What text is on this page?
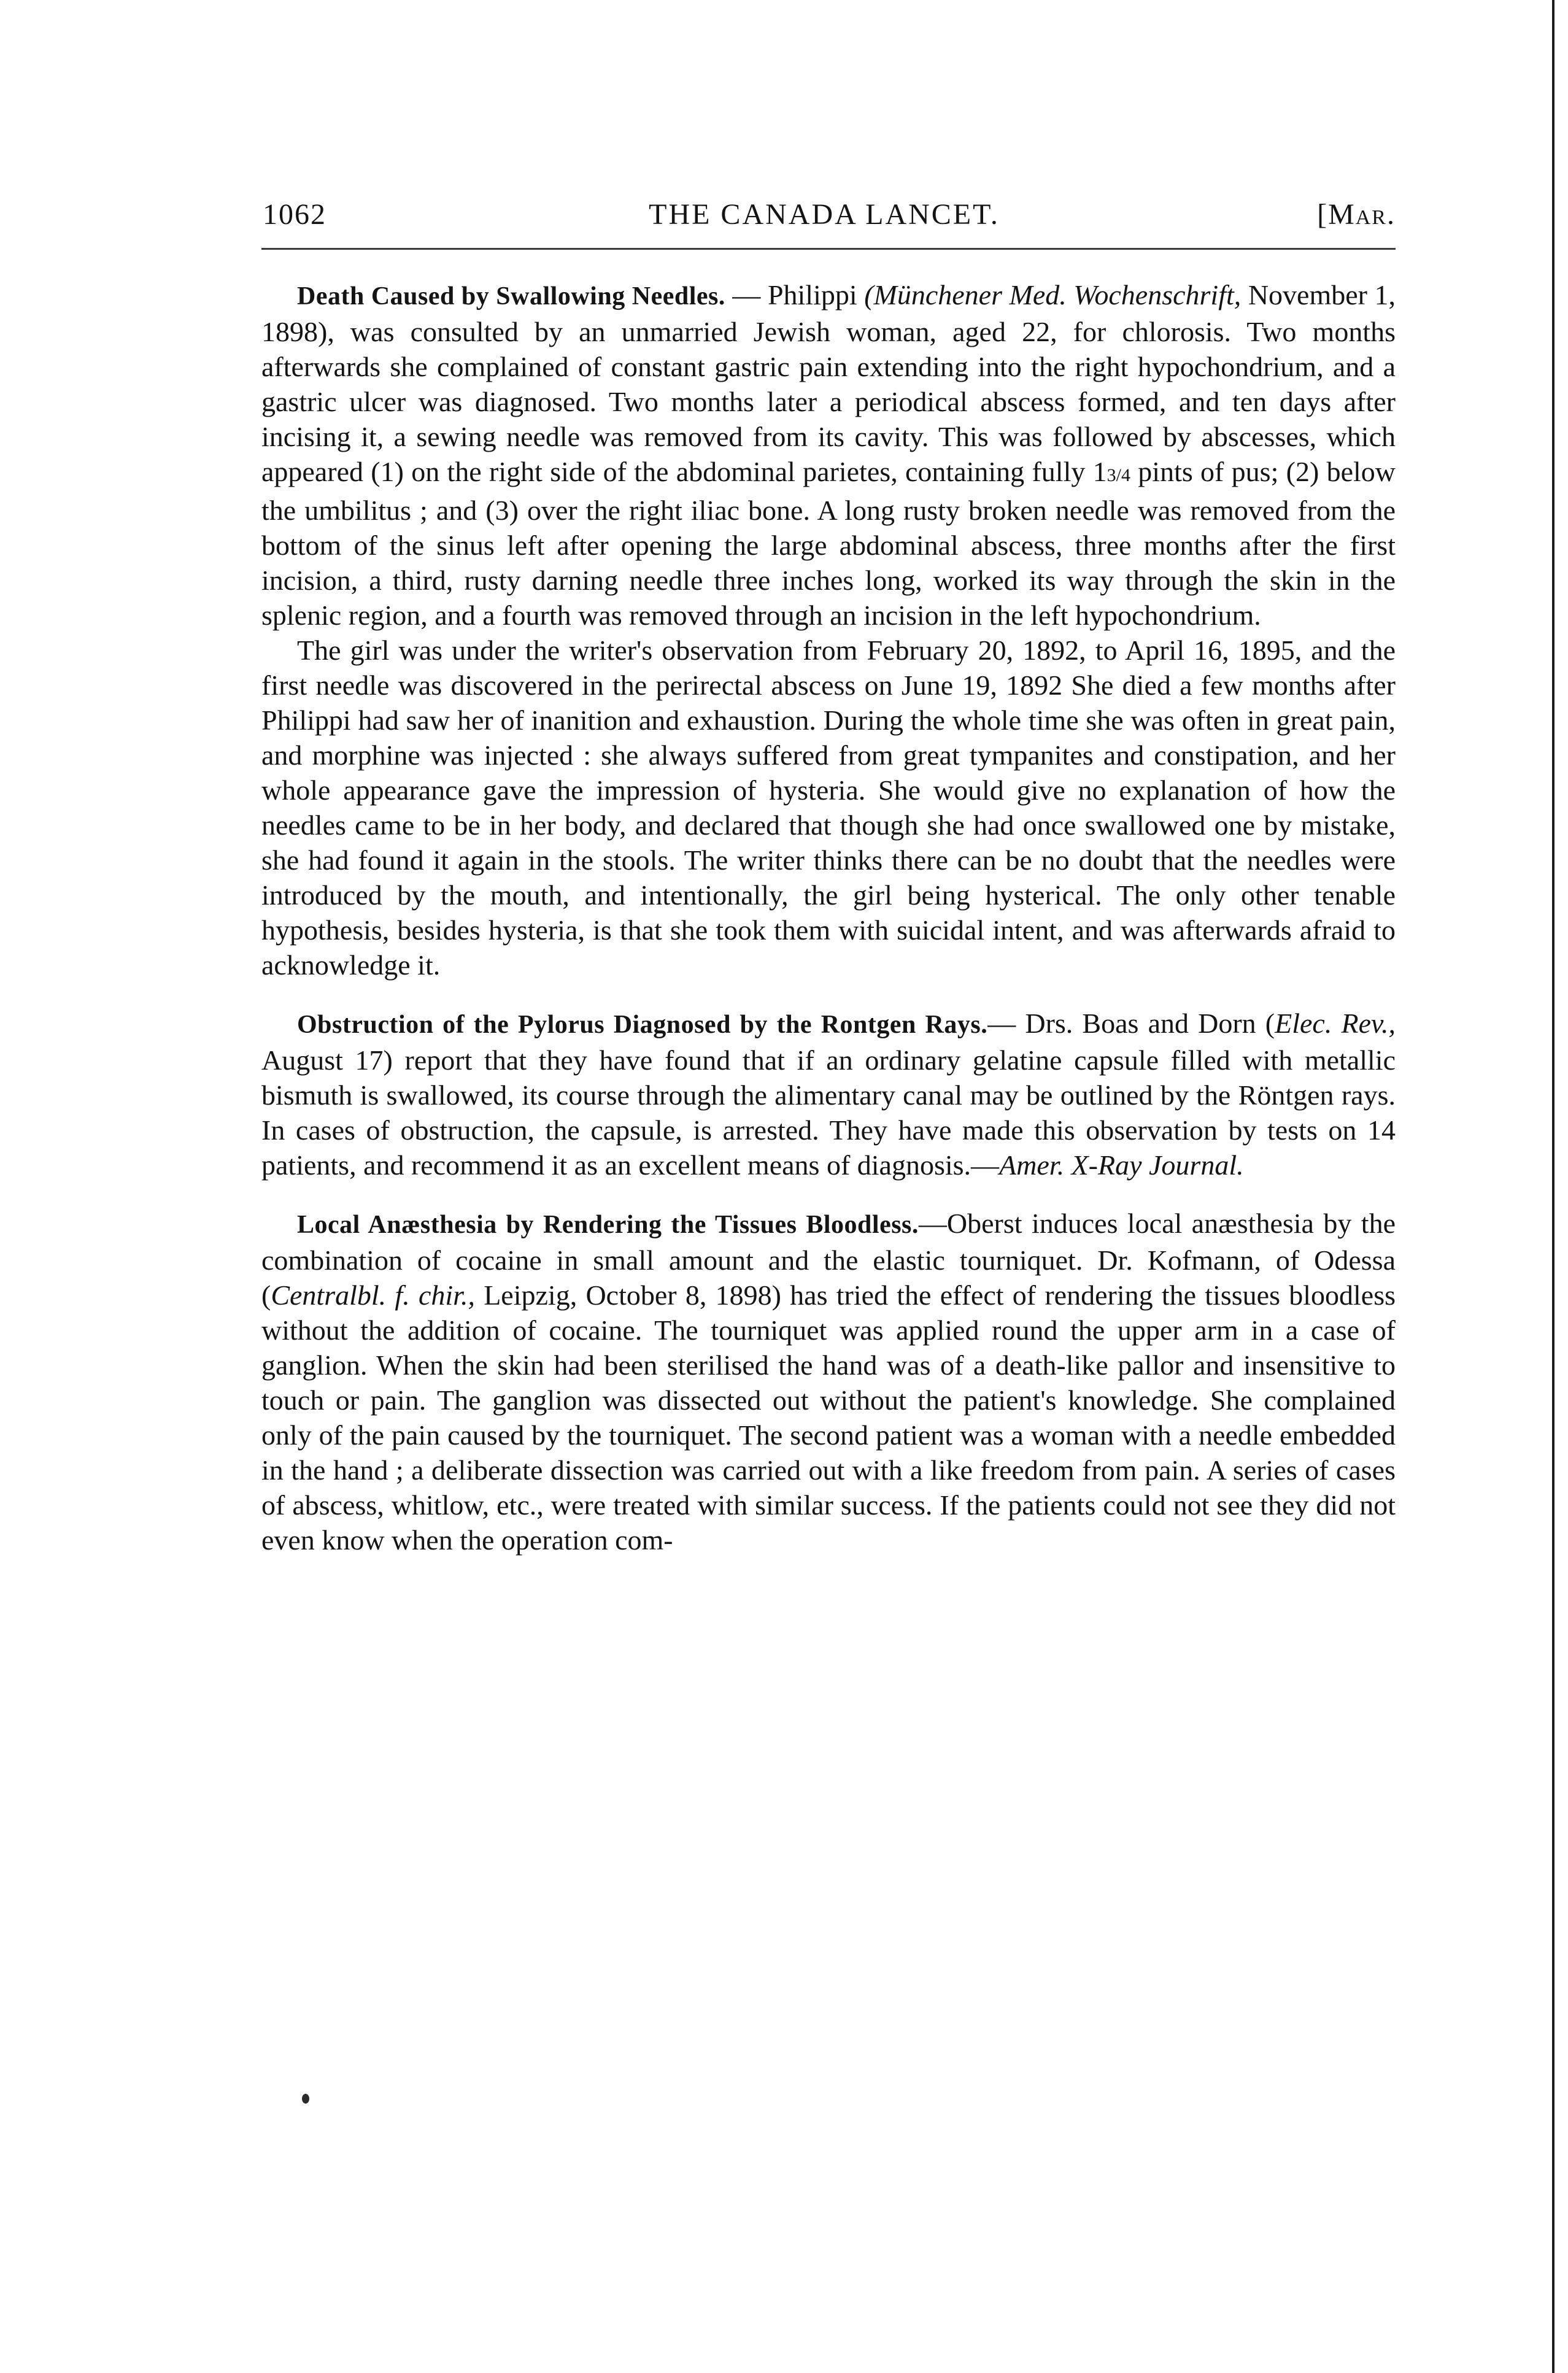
1062	THE CANADA LANCET.	[Mar.

Death Caused by Swallowing Needles. — Philippi (Münchener Med. Wochenschrift, November 1, 1898), was consulted by an unmarried Jewish woman, aged 22, for chlorosis. Two months afterwards she complained of constant gastric pain extending into the right hypochondrium, and a gastric ulcer was diagnosed. Two months later a periodical abscess formed, and ten days after incising it, a sewing needle was removed from its cavity. This was followed by abscesses, which appeared (1) on the right side of the abdominal parietes, containing fully 13/4 pints of pus; (2) below the umbilitus ; and (3) over the right iliac bone. A long rusty broken needle was removed from the bottom of the sinus left after opening the large abdominal abscess, three months after the first incision, a third, rusty darning needle three inches long, worked its way through the skin in the splenic region, and a fourth was removed through an incision in the left hypochondrium.

The girl was under the writer's observation from February 20, 1892, to April 16, 1895, and the first needle was discovered in the perirectal abscess on June 19, 1892 She died a few months after Philippi had saw her of inanition and exhaustion. During the whole time she was often in great pain, and morphine was injected : she always suffered from great tympanites and constipation, and her whole appearance gave the impression of hysteria. She would give no explanation of how the needles came to be in her body, and declared that though she had once swallowed one by mistake, she had found it again in the stools. The writer thinks there can be no doubt that the needles were introduced by the mouth, and intentionally, the girl being hysterical. The only other tenable hypothesis, besides hysteria, is that she took them with suicidal intent, and was afterwards afraid to acknowledge it.

Obstruction of the Pylorus Diagnosed by the Rontgen Rays.— Drs. Boas and Dorn (Elec. Rev., August 17) report that they have found that if an ordinary gelatine capsule filled with metallic bismuth is swallowed, its course through the alimentary canal may be outlined by the Röntgen rays. In cases of obstruction, the capsule, is arrested. They have made this observation by tests on 14 patients, and recommend it as an excellent means of diagnosis.—Amer. X-Ray Journal.

Local Anæsthesia by Rendering the Tissues Bloodless.—Oberst induces local anæsthesia by the combination of cocaine in small amount and the elastic tourniquet. Dr. Kofmann, of Odessa (Centralbl. f. chir., Leipzig, October 8, 1898) has tried the effect of rendering the tissues bloodless without the addition of cocaine. The tourniquet was applied round the upper arm in a case of ganglion. When the skin had been sterilised the hand was of a death-like pallor and insensitive to touch or pain. The ganglion was dissected out without the patient's knowledge. She complained only of the pain caused by the tourniquet. The second patient was a woman with a needle embedded in the hand ; a deliberate dissection was carried out with a like freedom from pain. A series of cases of abscess, whitlow, etc., were treated with similar success. If the patients could not see they did not even know when the operation com-
